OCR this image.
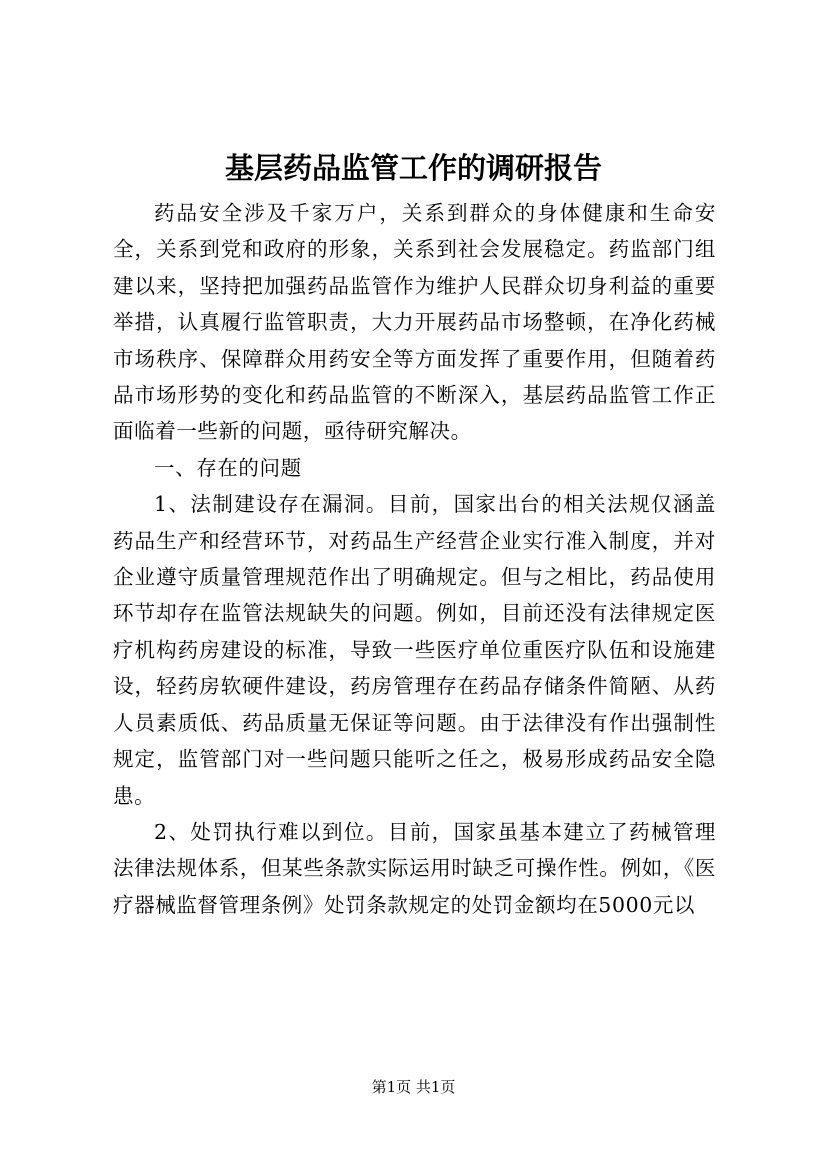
基层药品监管工作的调研报告

药品安全涉及千家万户，关系到群众的身体健康和生命安全，关系到党和政府的形象，关系到社会发展稳定。药监部门组建以来，坚持把加强药品监管作为维护人民群众切身利益的重要举措，认真履行监管职责，大力开展药品市场整顿，在净化药械市场秩序、保障群众用药安全等方面发挥了重要作用，但随着药品市场形势的变化和药品监管的不断深入，基层药品监管工作正面临着一些新的问题，亟待研究解决。

一、存在的问题

1、法制建设存在漏洞。目前，国家出台的相关法规仅涵盖药品生产和经营环节，对药品生产经营企业实行准入制度，并对企业遵守质量管理规范作出了明确规定。但与之相比，药品使用环节却存在监管法规缺失的问题。例如，目前还没有法律规定医疗机构药房建设的标准，导致一些医疗单位重医疗队伍和设施建设，轻药房软硬件建设，药房管理存在药品存储条件简陋、从药人员素质低、药品质量无保证等问题。由于法律没有作出强制性规定，监管部门对一些问题只能听之任之，极易形成药品安全隐患。

2、处罚执行难以到位。目前，国家虽基本建立了药械管理法律法规体系，但某些条款实际运用时缺乏可操作性。例如，《医疗器械监督管理条例》处罚条款规定的处罚金额均在5000元以

第1页 共1页
